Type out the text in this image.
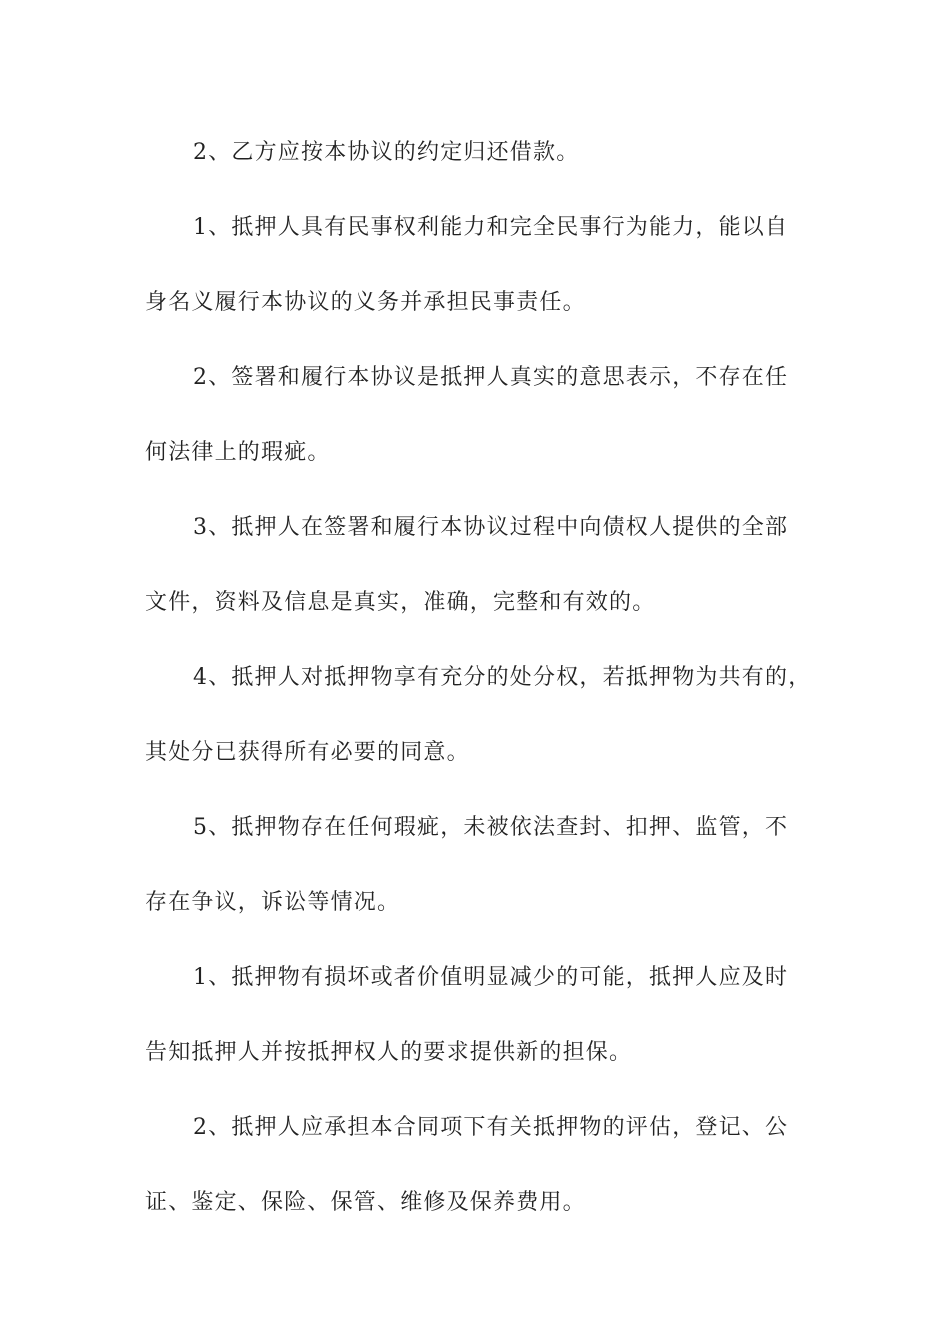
2、乙方应按本协议的约定归还借款。
1、抵押人具有民事权利能力和完全民事行为能力，能以自
身名义履行本协议的义务并承担民事责任。
2、签署和履行本协议是抵押人真实的意思表示，不存在任
何法律上的瑕疵。
3、抵押人在签署和履行本协议过程中向债权人提供的全部
文件，资料及信息是真实，准确，完整和有效的。
4、抵押人对抵押物享有充分的处分权，若抵押物为共有的，
其处分已获得所有必要的同意。
5、抵押物存在任何瑕疵，未被依法查封、扣押、监管，不
存在争议，诉讼等情况。
1、抵押物有损坏或者价值明显减少的可能，抵押人应及时
告知抵押人并按抵押权人的要求提供新的担保。
2、抵押人应承担本合同项下有关抵押物的评估，登记、公
证、鉴定、保险、保管、维修及保养费用。
